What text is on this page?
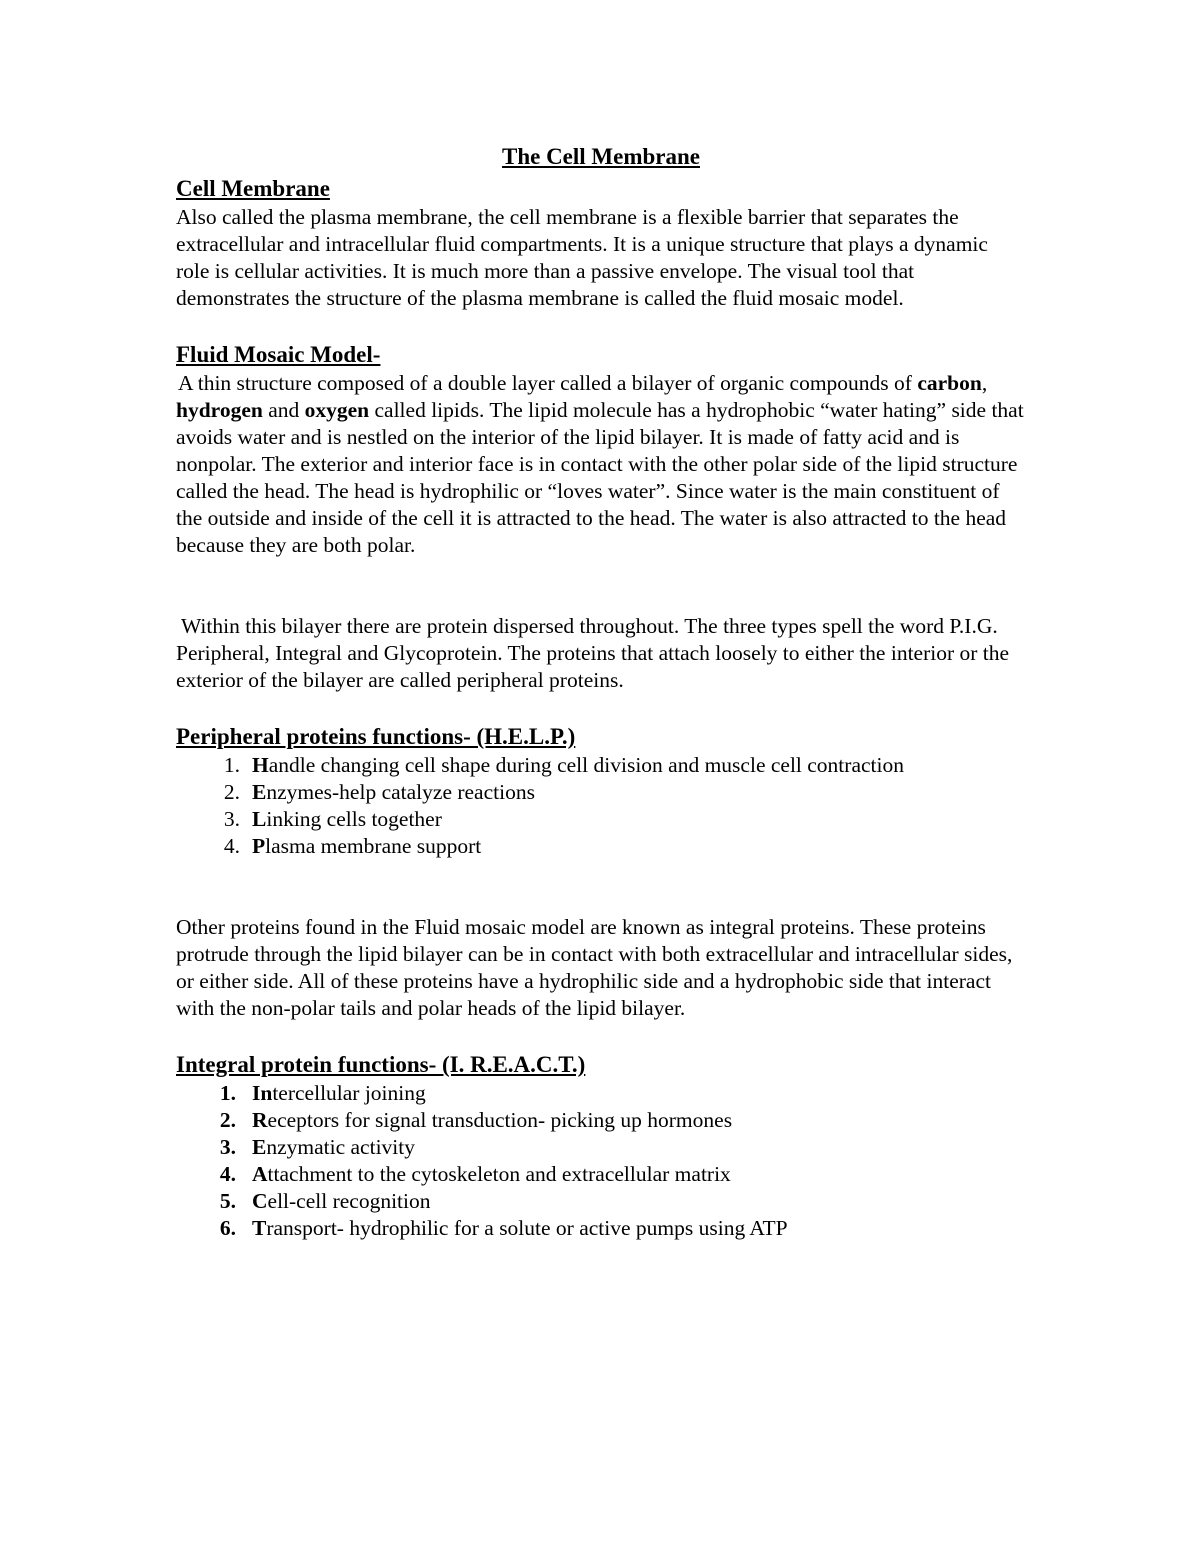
The Cell Membrane
Cell Membrane

Also called the plasma membrane, the cell membrane is a flexible barrier that separates the extracellular and intracellular fluid compartments. It is a unique structure that plays a dynamic role is cellular activities. It is much more than a passive envelope. The visual tool that demonstrates the structure of the plasma membrane is called the fluid mosaic model.

Fluid Mosaic Model-

A thin structure composed of a double layer called a bilayer of organic compounds of carbon, hydrogen and oxygen called lipids. The lipid molecule has a hydrophobic “water hating” side that avoids water and is nestled on the interior of the lipid bilayer. It is made of fatty acid and is nonpolar. The exterior and interior face is in contact with the other polar side of the lipid structure called the head. The head is hydrophilic or “loves water”. Since water is the main constituent of the outside and inside of the cell it is attracted to the head. The water is also attracted to the head because they are both polar.

Within this bilayer there are protein dispersed throughout. The three types spell the word P.I.G. Peripheral, Integral and Glycoprotein. The proteins that attach loosely to either the interior or the exterior of the bilayer are called peripheral proteins.

Peripheral proteins functions- (H.E.L.P.)
1. Handle changing cell shape during cell division and muscle cell contraction
2. Enzymes-help catalyze reactions
3. Linking cells together
4. Plasma membrane support

Other proteins found in the Fluid mosaic model are known as integral proteins. These proteins protrude through the lipid bilayer can be in contact with both extracellular and intracellular sides, or either side. All of these proteins have a hydrophilic side and a hydrophobic side that interact with the non-polar tails and polar heads of the lipid bilayer.

Integral protein functions- (I. R.E.A.C.T.)
1. Intercellular joining
2. Receptors for signal transduction- picking up hormones
3. Enzymatic activity
4. Attachment to the cytoskeleton and extracellular matrix
5. Cell-cell recognition
6. Transport- hydrophilic for a solute or active pumps using ATP
